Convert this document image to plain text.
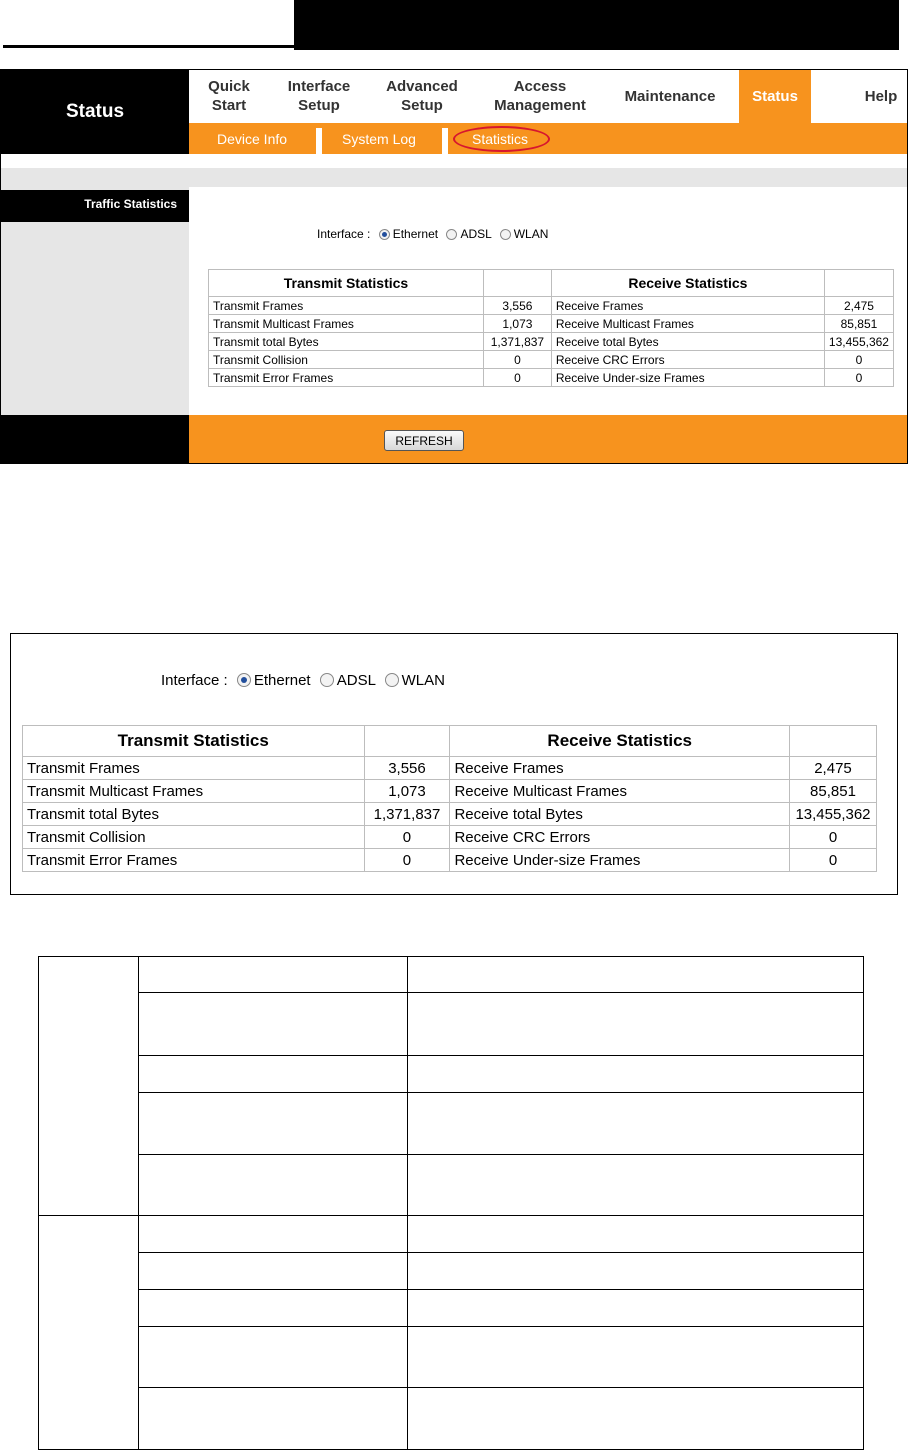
Status
Quick
Start
Interface
Setup
Advanced
Setup
Access
Management
Maintenance	Status	Help
Device Info	System Log	Statistics
Traffic Statistics
Interface : Ethernet ADSL WLAN
Transmit Statistics		Receive Statistics	
Transmit Frames	3,556	Receive Frames	2,475
Transmit Multicast Frames	1,073	Receive Multicast Frames	85,851
Transmit total Bytes	1,371,837	Receive total Bytes	13,455,362
Transmit Collision	0	Receive CRC Errors	0
Transmit Error Frames	0	Receive Under-size Frames	0
REFRESH
Interface : Ethernet ADSL WLAN
Transmit Statistics		Receive Statistics	
Transmit Frames	3,556	Receive Frames	2,475
Transmit Multicast Frames	1,073	Receive Multicast Frames	85,851
Transmit total Bytes	1,371,837	Receive total Bytes	13,455,362
Transmit Collision	0	Receive CRC Errors	0
Transmit Error Frames	0	Receive Under-size Frames	0
